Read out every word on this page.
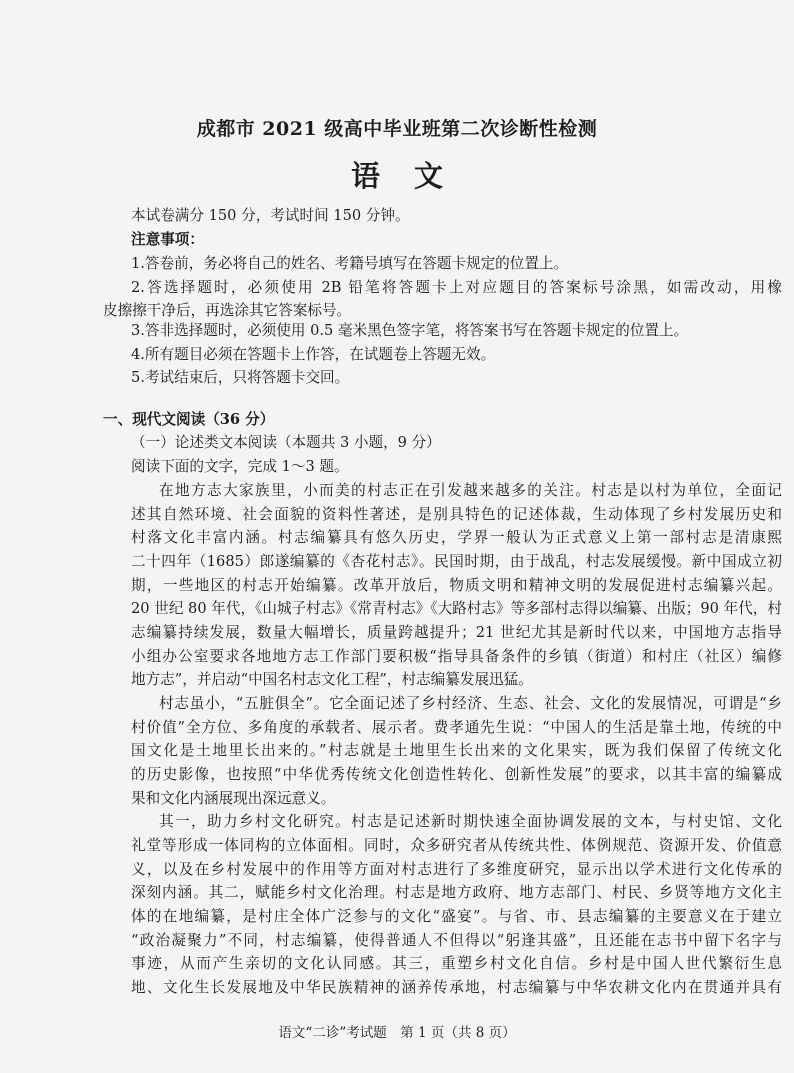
成都市 2021 级高中毕业班第二次诊断性检测
语文
本试卷满分 150 分，考试时间 150 分钟。
注意事项：
1.答卷前，务必将自己的姓名、考籍号填写在答题卡规定的位置上。
2.答选择题时，必须使用 2B 铅笔将答题卡上对应题目的答案标号涂黑，如需改动，用橡
皮擦擦干净后，再选涂其它答案标号。
3.答非选择题时，必须使用 0.5 毫米黑色签字笔，将答案书写在答题卡规定的位置上。
4.所有题目必须在答题卡上作答，在试题卷上答题无效。
5.考试结束后，只将答题卡交回。
一、现代文阅读（36 分）
（一）论述类文本阅读（本题共 3 小题，9 分）
阅读下面的文字，完成 1～3 题。
在地方志大家族里，小而美的村志正在引发越来越多的关注。村志是以村为单位，全面记
述其自然环境、社会面貌的资料性著述，是别具特色的记述体裁，生动体现了乡村发展历史和
村落文化丰富内涵。村志编纂具有悠久历史，学界一般认为正式意义上第一部村志是清康熙
二十四年（1685）郎遂编纂的《杏花村志》。民国时期，由于战乱，村志发展缓慢。新中国成立初
期，一些地区的村志开始编纂。改革开放后，物质文明和精神文明的发展促进村志编纂兴起。
20 世纪 80 年代，《山城子村志》《常青村志》《大路村志》等多部村志得以编纂、出版；90 年代，村
志编纂持续发展，数量大幅增长，质量跨越提升；21 世纪尤其是新时代以来，中国地方志指导
小组办公室要求各地地方志工作部门要积极“指导具备条件的乡镇（街道）和村庄（社区）编修
地方志”，并启动“中国名村志文化工程”，村志编纂发展迅猛。
村志虽小，“五脏俱全”。它全面记述了乡村经济、生态、社会、文化的发展情况，可谓是“乡
村价值”全方位、多角度的承载者、展示者。费孝通先生说：“中国人的生活是靠土地，传统的中
国文化是土地里长出来的。”村志就是土地里生长出来的文化果实，既为我们保留了传统文化
的历史影像，也按照“中华优秀传统文化创造性转化、创新性发展”的要求，以其丰富的编纂成
果和文化内涵展现出深远意义。
其一，助力乡村文化研究。村志是记述新时期快速全面协调发展的文本，与村史馆、文化
礼堂等形成一体同构的立体面相。同时，众多研究者从传统共性、体例规范、资源开发、价值意
义，以及在乡村发展中的作用等方面对村志进行了多维度研究，显示出以学术进行文化传承的
深刻内涵。其二，赋能乡村文化治理。村志是地方政府、地方志部门、村民、乡贤等地方文化主
体的在地编纂，是村庄全体广泛参与的文化“盛宴”。与省、市、县志编纂的主要意义在于建立
“政治凝聚力”不同，村志编纂，使得普通人不但得以“躬逢其盛”，且还能在志书中留下名字与
事迹，从而产生亲切的文化认同感。其三，重塑乡村文化自信。乡村是中国人世代繁衍生息
地、文化生长发展地及中华民族精神的涵养传承地，村志编纂与中华农耕文化内在贯通并具有
语文“二诊”考试题　第 1 页（共 8 页）
